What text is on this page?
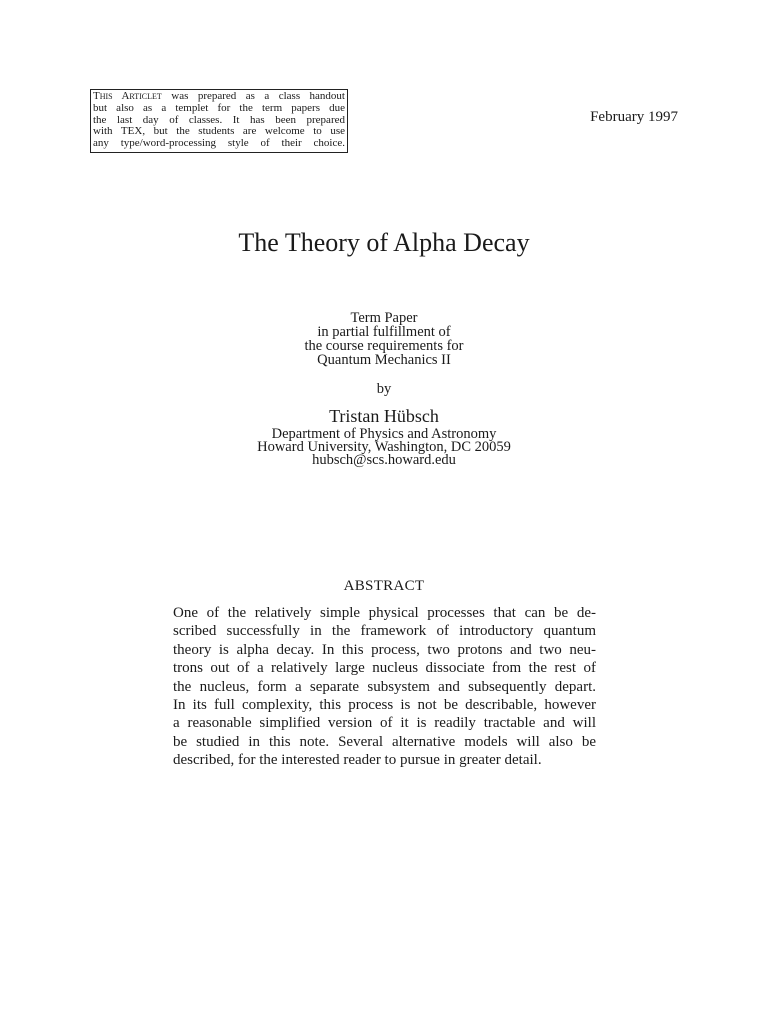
This Articlet was prepared as a class handout
but also as a templet for the term papers due
the last day of classes. It has been prepared
with TEX, but the students are welcome to use
any type/word-processing style of their choice.
February 1997
The Theory of Alpha Decay
Term Paper
in partial fulfillment of
the course requirements for
Quantum Mechanics II
by
Tristan Hübsch
Department of Physics and Astronomy
Howard University, Washington, DC 20059
hubsch@scs.howard.edu
ABSTRACT
One of the relatively simple physical processes that can be de-
scribed successfully in the framework of introductory quantum
theory is alpha decay. In this process, two protons and two neu-
trons out of a relatively large nucleus dissociate from the rest of
the nucleus, form a separate subsystem and subsequently depart.
In its full complexity, this process is not be describable, however
a reasonable simplified version of it is readily tractable and will
be studied in this note. Several alternative models will also be
described, for the interested reader to pursue in greater detail.
